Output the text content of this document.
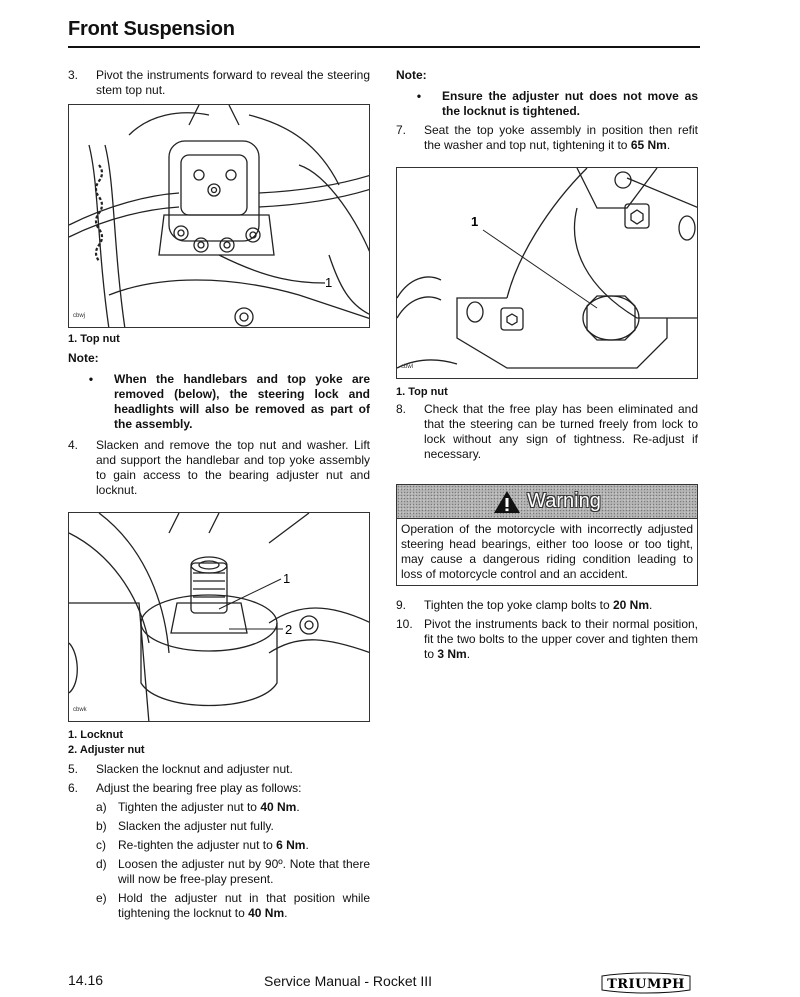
Front Suspension
3.	Pivot the instruments forward to reveal the steering stem top nut.
1
cbwj
1. Top nut
Note:
•	When the handlebars and top yoke are removed (below), the steering lock and headlights will also be removed as part of the assembly.
4.	Slacken and remove the top nut and washer. Lift and support the handlebar and top yoke assembly to gain access to the bearing adjuster nut and locknut.
1
2
cbwk
1. Locknut
2. Adjuster nut
5.	Slacken the locknut and adjuster nut.
6.	Adjust the bearing free play as follows:
a) Tighten the adjuster nut to 40 Nm.
b) Slacken the adjuster nut fully.
c)	Re-tighten the adjuster nut to 6 Nm.
d) Loosen the adjuster nut by 90º. Note that there will now be free-play present.
e) Hold the adjuster nut in that position while tightening the locknut to 40 Nm.
Note:
•	Ensure the adjuster nut does not move as the locknut is tightened.
7.	Seat the top yoke assembly in position then refit the washer and top nut, tightening it to 65 Nm.
1
cbwl
1. Top nut
8.	Check that the free play has been eliminated and that the steering can be turned freely from lock to lock without any sign of tightness. Re-adjust if necessary.
Warning
Operation of the motorcycle with incorrectly adjusted steering head bearings, either too loose or too tight, may cause a dangerous riding condition leading to loss of motorcycle control and an accident.
9.	Tighten the top yoke clamp bolts to 20 Nm.
10. Pivot the instruments back to their normal position, fit the two bolts to the upper cover and tighten them to 3 Nm.
14.16	Service Manual - Rocket III	TRIUMPH
